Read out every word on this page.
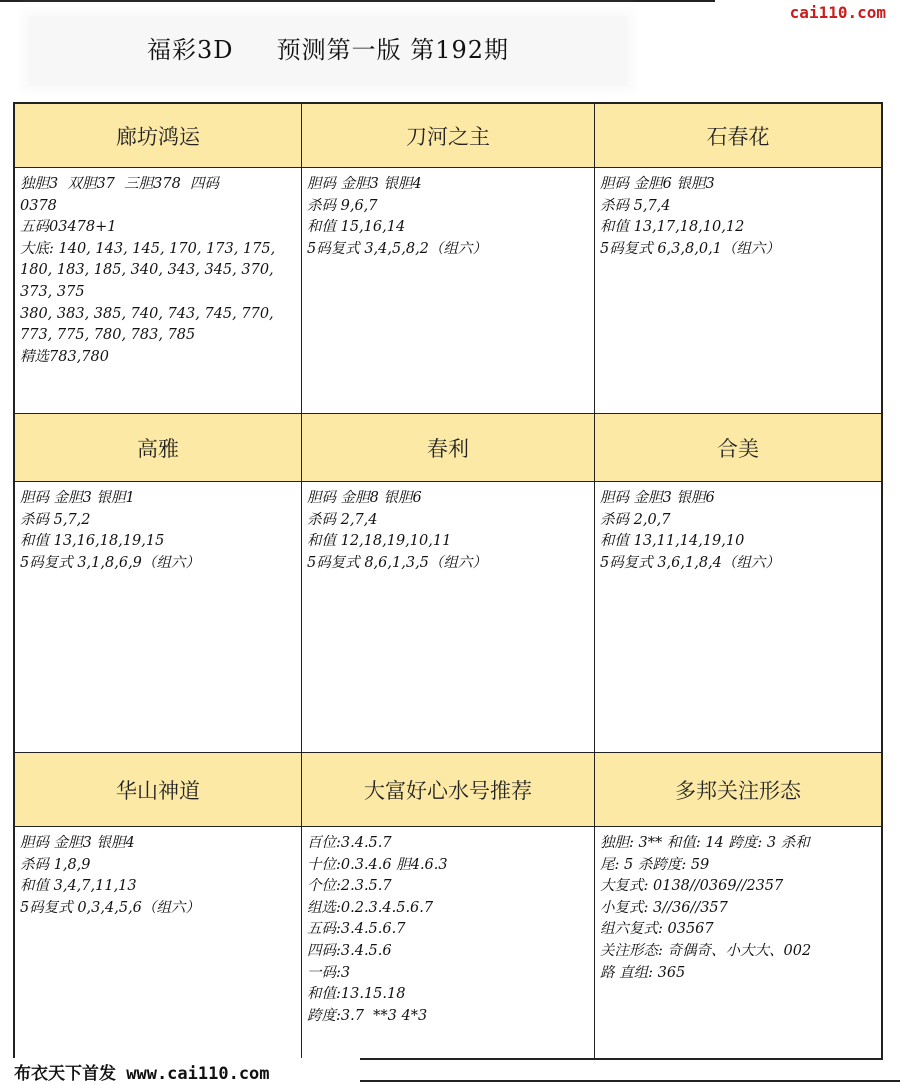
cai110.com
福彩3D     预测第一版 第192期
廊坊鸿运	刀河之主	石春花
独胆3  双胆37  三胆378  四码
0378
五码03478+1
大底: 140, 143, 145, 170, 173, 175,
180, 183, 185, 340, 343, 345, 370,
373, 375
380, 383, 385, 740, 743, 745, 770,
773, 775, 780, 783, 785
精选783,780
胆码 金胆3 银胆4
杀码 9,6,7
和值 15,16,14
5码复式 3,4,5,8,2（组六）
胆码 金胆6 银胆3
杀码 5,7,4
和值 13,17,18,10,12
5码复式 6,3,8,0,1（组六）
高雅	春利	合美
胆码 金胆3 银胆1
杀码 5,7,2
和值 13,16,18,19,15
5码复式 3,1,8,6,9（组六）
胆码 金胆8 银胆6
杀码 2,7,4
和值 12,18,19,10,11
5码复式 8,6,1,3,5（组六）
胆码 金胆3 银胆6
杀码 2,0,7
和值 13,11,14,19,10
5码复式 3,6,1,8,4（组六）
华山神道	大富好心水号推荐	多邦关注形态
胆码 金胆3 银胆4
杀码 1,8,9
和值 3,4,7,11,13
5码复式 0,3,4,5,6（组六）
百位:3.4.5.7
十位:0.3.4.6 胆4.6.3
个位:2.3.5.7
组选:0.2.3.4.5.6.7
五码:3.4.5.6.7
四码:3.4.5.6
一码:3
和值:13.15.18
跨度:3.7  **3 4*3
独胆: 3** 和值: 14 跨度: 3 杀和
尾: 5 杀跨度: 59
大复式: 0138//0369//2357
小复式: 3//36//357
组六复式: 03567
关注形态: 奇偶奇、小大大、002
路 直组: 365
布衣天下首发 www.cai110.com
